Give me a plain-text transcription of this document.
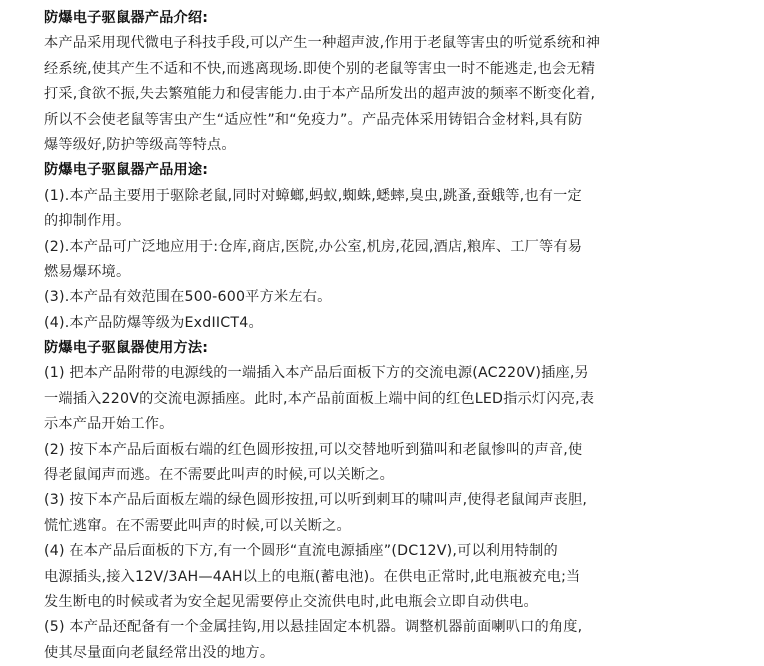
防爆电子驱鼠器产品介绍:
本产品采用现代微电子科技手段,可以产生一种超声波,作用于老鼠等害虫的听觉系统和神
经系统,使其产生不适和不快,而逃离现场.即使个别的老鼠等害虫一时不能逃走,也会无精
打采,食欲不振,失去繁殖能力和侵害能力.由于本产品所发出的超声波的频率不断变化着,
所以不会使老鼠等害虫产生“适应性”和“免疫力”。产品壳体采用铸铝合金材料,具有防
爆等级好,防护等级高等特点。
防爆电子驱鼠器产品用途:
(1).本产品主要用于驱除老鼠,同时对蟑螂,蚂蚁,蜘蛛,蟋蟀,臭虫,跳蚤,蚕蛾等,也有一定
的抑制作用。
(2).本产品可广泛地应用于:仓库,商店,医院,办公室,机房,花园,酒店,粮库、工厂等有易
燃易爆环境。
(3).本产品有效范围在500-600平方米左右。
(4).本产品防爆等级为ExdIICT4。
防爆电子驱鼠器使用方法:
(1) 把本产品附带的电源线的一端插入本产品后面板下方的交流电源(AC220V)插座,另
一端插入220V的交流电源插座。此时,本产品前面板上端中间的红色LED指示灯闪亮,表
示本产品开始工作。
(2) 按下本产品后面板右端的红色圆形按扭,可以交替地听到猫叫和老鼠惨叫的声音,使
得老鼠闻声而逃。在不需要此叫声的时候,可以关断之。
(3) 按下本产品后面板左端的绿色圆形按扭,可以听到刺耳的啸叫声,使得老鼠闻声丧胆,
慌忙逃窜。在不需要此叫声的时候,可以关断之。
(4) 在本产品后面板的下方,有一个圆形“直流电源插座”(DC12V),可以利用特制的
电源插头,接入12V/3AH—4AH以上的电瓶(蓄电池)。在供电正常时,此电瓶被充电;当
发生断电的时候或者为安全起见需要停止交流供电时,此电瓶会立即自动供电。
(5) 本产品还配备有一个金属挂钩,用以悬挂固定本机器。调整机器前面喇叭口的角度,
使其尽量面向老鼠经常出没的地方。
